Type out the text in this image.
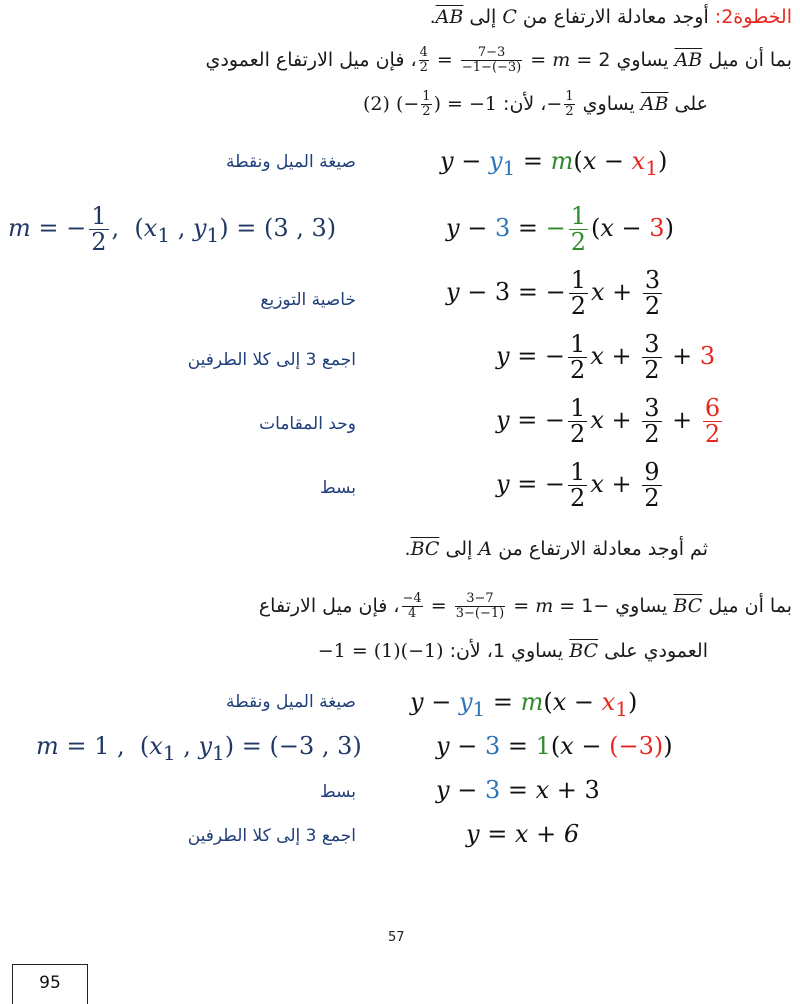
الخطوة2: أوجد معادلة الارتفاع من C إلى $\overline{AB}$.
بما أن ميل $\overline{AB}$ يساوي 2 =
$\frac{4}{2} = \frac{7-3}{-1-(-3)}$ = m، فإن ميل الارتفاع العمودي
على $\overline{AB}$ يساوي − $\frac{1}{2}$
، لأن: (2) (− $\frac{1}{2}$ ) = −1
صيغة الميل ونقطة	$y - y_1 = m(x - x_1)$
m = − $\frac{1}{2}$ ,  ($x_1$ , $y_1) = (3$ , 3)	y − 3 = − $\frac{1}{2} (x - 3)$
خاصية التوزيع	y − 3 = − $\frac{1}{2}$ $x + \frac{3}{2}$
اجمع 3 إلى كلا الطرفين	y = − $\frac{1}{2}$ $x + \frac{3}{2} + 3$
وحد المقامات	y = − $\frac{1}{2}$ $x + \frac{3}{2} + \frac{6}{2}$
بسط	y = − $\frac{1}{2}$ $x + \frac{9}{2}$
ثم أوجد معادلة الارتفاع من A إلى $\overline{BC}$.
بما أن ميل $\overline{BC}$ يساوي −1 =
$\frac{-4}{4} = \frac{3-7}{3-(-1)}$ = m، فإن ميل الارتفاع
العمودي على $\overline{BC}$ يساوي 1، لأن: −1 = (1)(−1)
صيغة الميل ونقطة $y - y_1 = m(x - x_1)$
m = 1 ,  ($x_1$ , $y_1) = (-3$ , 3)	y − 3 = 1(x − (−3))
بسط	y − 3 = x + 3
اجمع 3 إلى كلا الطرفين	y = x + 6
57
95
